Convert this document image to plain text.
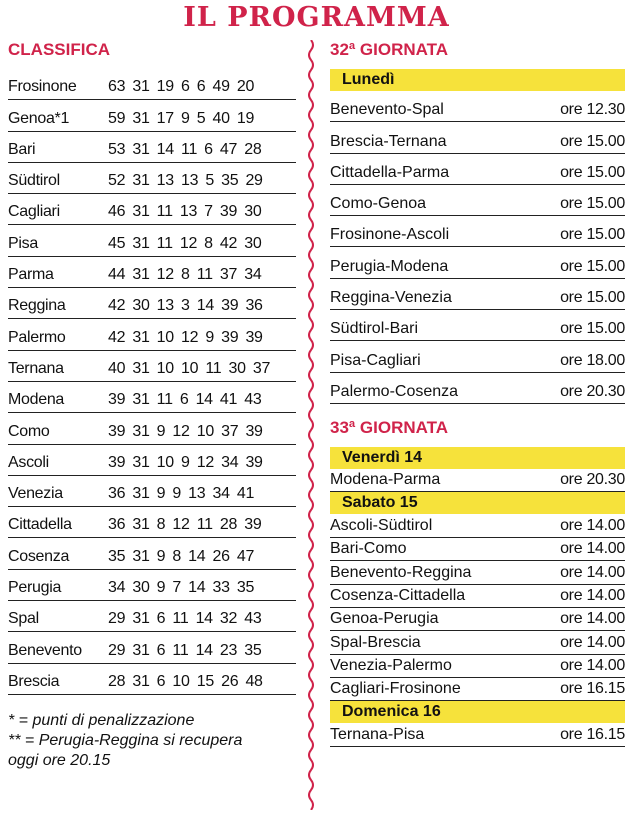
IL PROGRAMMA
CLASSIFICA
Frosinone	63 31 19 6 6 49 20
Genoa*1	59 31 17 9 5 40 19
Bari	53 31 14 11 6 47 28
Südtirol	52 31 13 13 5 35 29
Cagliari	46 31 11 13 7 39 30
Pisa	45 31 11 12 8 42 30
Parma	44 31 12 8 11 37 34
Reggina	42 30 13 3 14 39 36
Palermo	42 31 10 12 9 39 39
Ternana	40 31 10 10 11 30 37
Modena	39 31 11 6 14 41 43
Como	39 31 9 12 10 37 39
Ascoli	39 31 10 9 12 34 39
Venezia	36 31 9 9 13 34 41
Cittadella	36 31 8 12 11 28 39
Cosenza	35 31 9 8 14 26 47
Perugia	34 30 9 7 14 33 35
Spal	29 31 6 11 14 32 43
Benevento	29 31 6 11 14 23 35
Brescia	28 31 6 10 15 26 48
* = punti di penalizzazione
** = Perugia-Reggina si recupera
oggi ore 20.15
32ª GIORNATA
Lunedì
Benevento-Spal	ore 12.30
Brescia-Ternana	ore 15.00
Cittadella-Parma	ore 15.00
Como-Genoa	ore 15.00
Frosinone-Ascoli	ore 15.00
Perugia-Modena	ore 15.00
Reggina-Venezia	ore 15.00
Südtirol-Bari	ore 15.00
Pisa-Cagliari	ore 18.00
Palermo-Cosenza	ore 20.30
33ª GIORNATA
Venerdì 14
Modena-Parma	ore 20.30
Sabato 15
Ascoli-Südtirol	ore 14.00
Bari-Como	ore 14.00
Benevento-Reggina	ore 14.00
Cosenza-Cittadella	ore 14.00
Genoa-Perugia	ore 14.00
Spal-Brescia	ore 14.00
Venezia-Palermo	ore 14.00
Cagliari-Frosinone	ore 16.15
Domenica 16
Ternana-Pisa	ore 16.15
